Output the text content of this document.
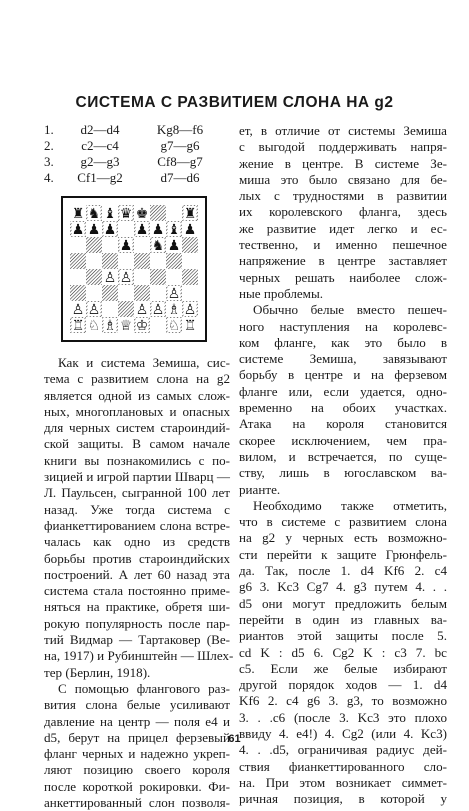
СИСТЕМА С РАЗВИТИЕМ СЛОНА НА g2
1.	d2—d4	Kg8—f6
2.	c2—c4	g7—g6
3.	g2—g3	Cf8—g7
4.	Cf1—g2	d7—d6
♜ ♞ ♝ ♛ ♚	♜
♟ ♟ ♟ ♟ ♟ ♝ ♟
♟ ♞ ♟
♙ ♙
♙
♙ ♙	♙ ♙ ♗ ♙
♖ ♘ ♗ ♕ ♔ ♘ ♖
Как и система Земиша, сис-
тема с развитием слона на g2
является одной из самых слож-
ных, многоплановых и опасных
для черных систем староиндий-
ской защиты. В самом начале
книги вы познакомились с по-
зицией и игрой партии Шварц —
Л. Паульсен, сыгранной 100 лет
назад. Уже тогда система с
фианкеттированием слона встре-
чалась как одно из средств
борьбы против староиндийских
построений. А лет 60 назад эта
система стала постоянно приме-
няться на практике, обретя ши-
рокую популярность после пар-
тий Видмар — Тартаковер (Ве-
на, 1917) и Рубинштейн — Шлех-
тер (Берлин, 1918).
С помощью флангового раз-
вития слона белые усиливают
давление на центр — поля e4 и
d5, берут на прицел ферзевый
фланг черных и надежно укреп-
ляют позицию своего короля
после короткой рокировки. Фи-
анкеттированный слон позволя-
ет, в отличие от системы Земиша
с выгодой поддерживать напря-
жение в центре. В системе Зе-
миша это было связано для бе-
лых с трудностями в развитии
их королевского фланга, здесь
же развитие идет легко и ес-
тественно, и именно пешечное
напряжение в центре заставляет
черных решать наиболее слож-
ные проблемы.
Обычно белые вместо пешеч-
ного наступления на королевс-
ком фланге, как это было в
системе Земиша, завязывают
борьбу в центре и на ферзевом
фланге или, если удается, одно-
временно на обоих участках.
Атака на короля становится
скорее исключением, чем пра-
вилом, и встречается, по суще-
ству, лишь в югославском ва-
рианте.
Необходимо также отметить,
что в системе с развитием слона
на g2 у черных есть возможно-
сти перейти к защите Грюнфель-
да. Так, после 1. d4 Kf6 2. c4
g6 3. Kc3 Cg7 4. g3 путем 4. . .
d5 они могут предложить белым
перейти в один из главных ва-
риантов этой защиты после 5.
cd K : d5 6. Cg2 K : c3 7. bc
c5. Если же белые избирают
другой порядок ходов — 1. d4
Kf6 2. c4 g6 3. g3, то возможно
3. . .c6 (после 3. Kc3 это плохо
ввиду 4. e4!) 4. Cg2 (или 4. Kc3)
4. . .d5, ограничивая радиус дей-
ствия фианкеттированного сло-
на. При этом возникает симмет-
ричная позиция, в которой у
61
